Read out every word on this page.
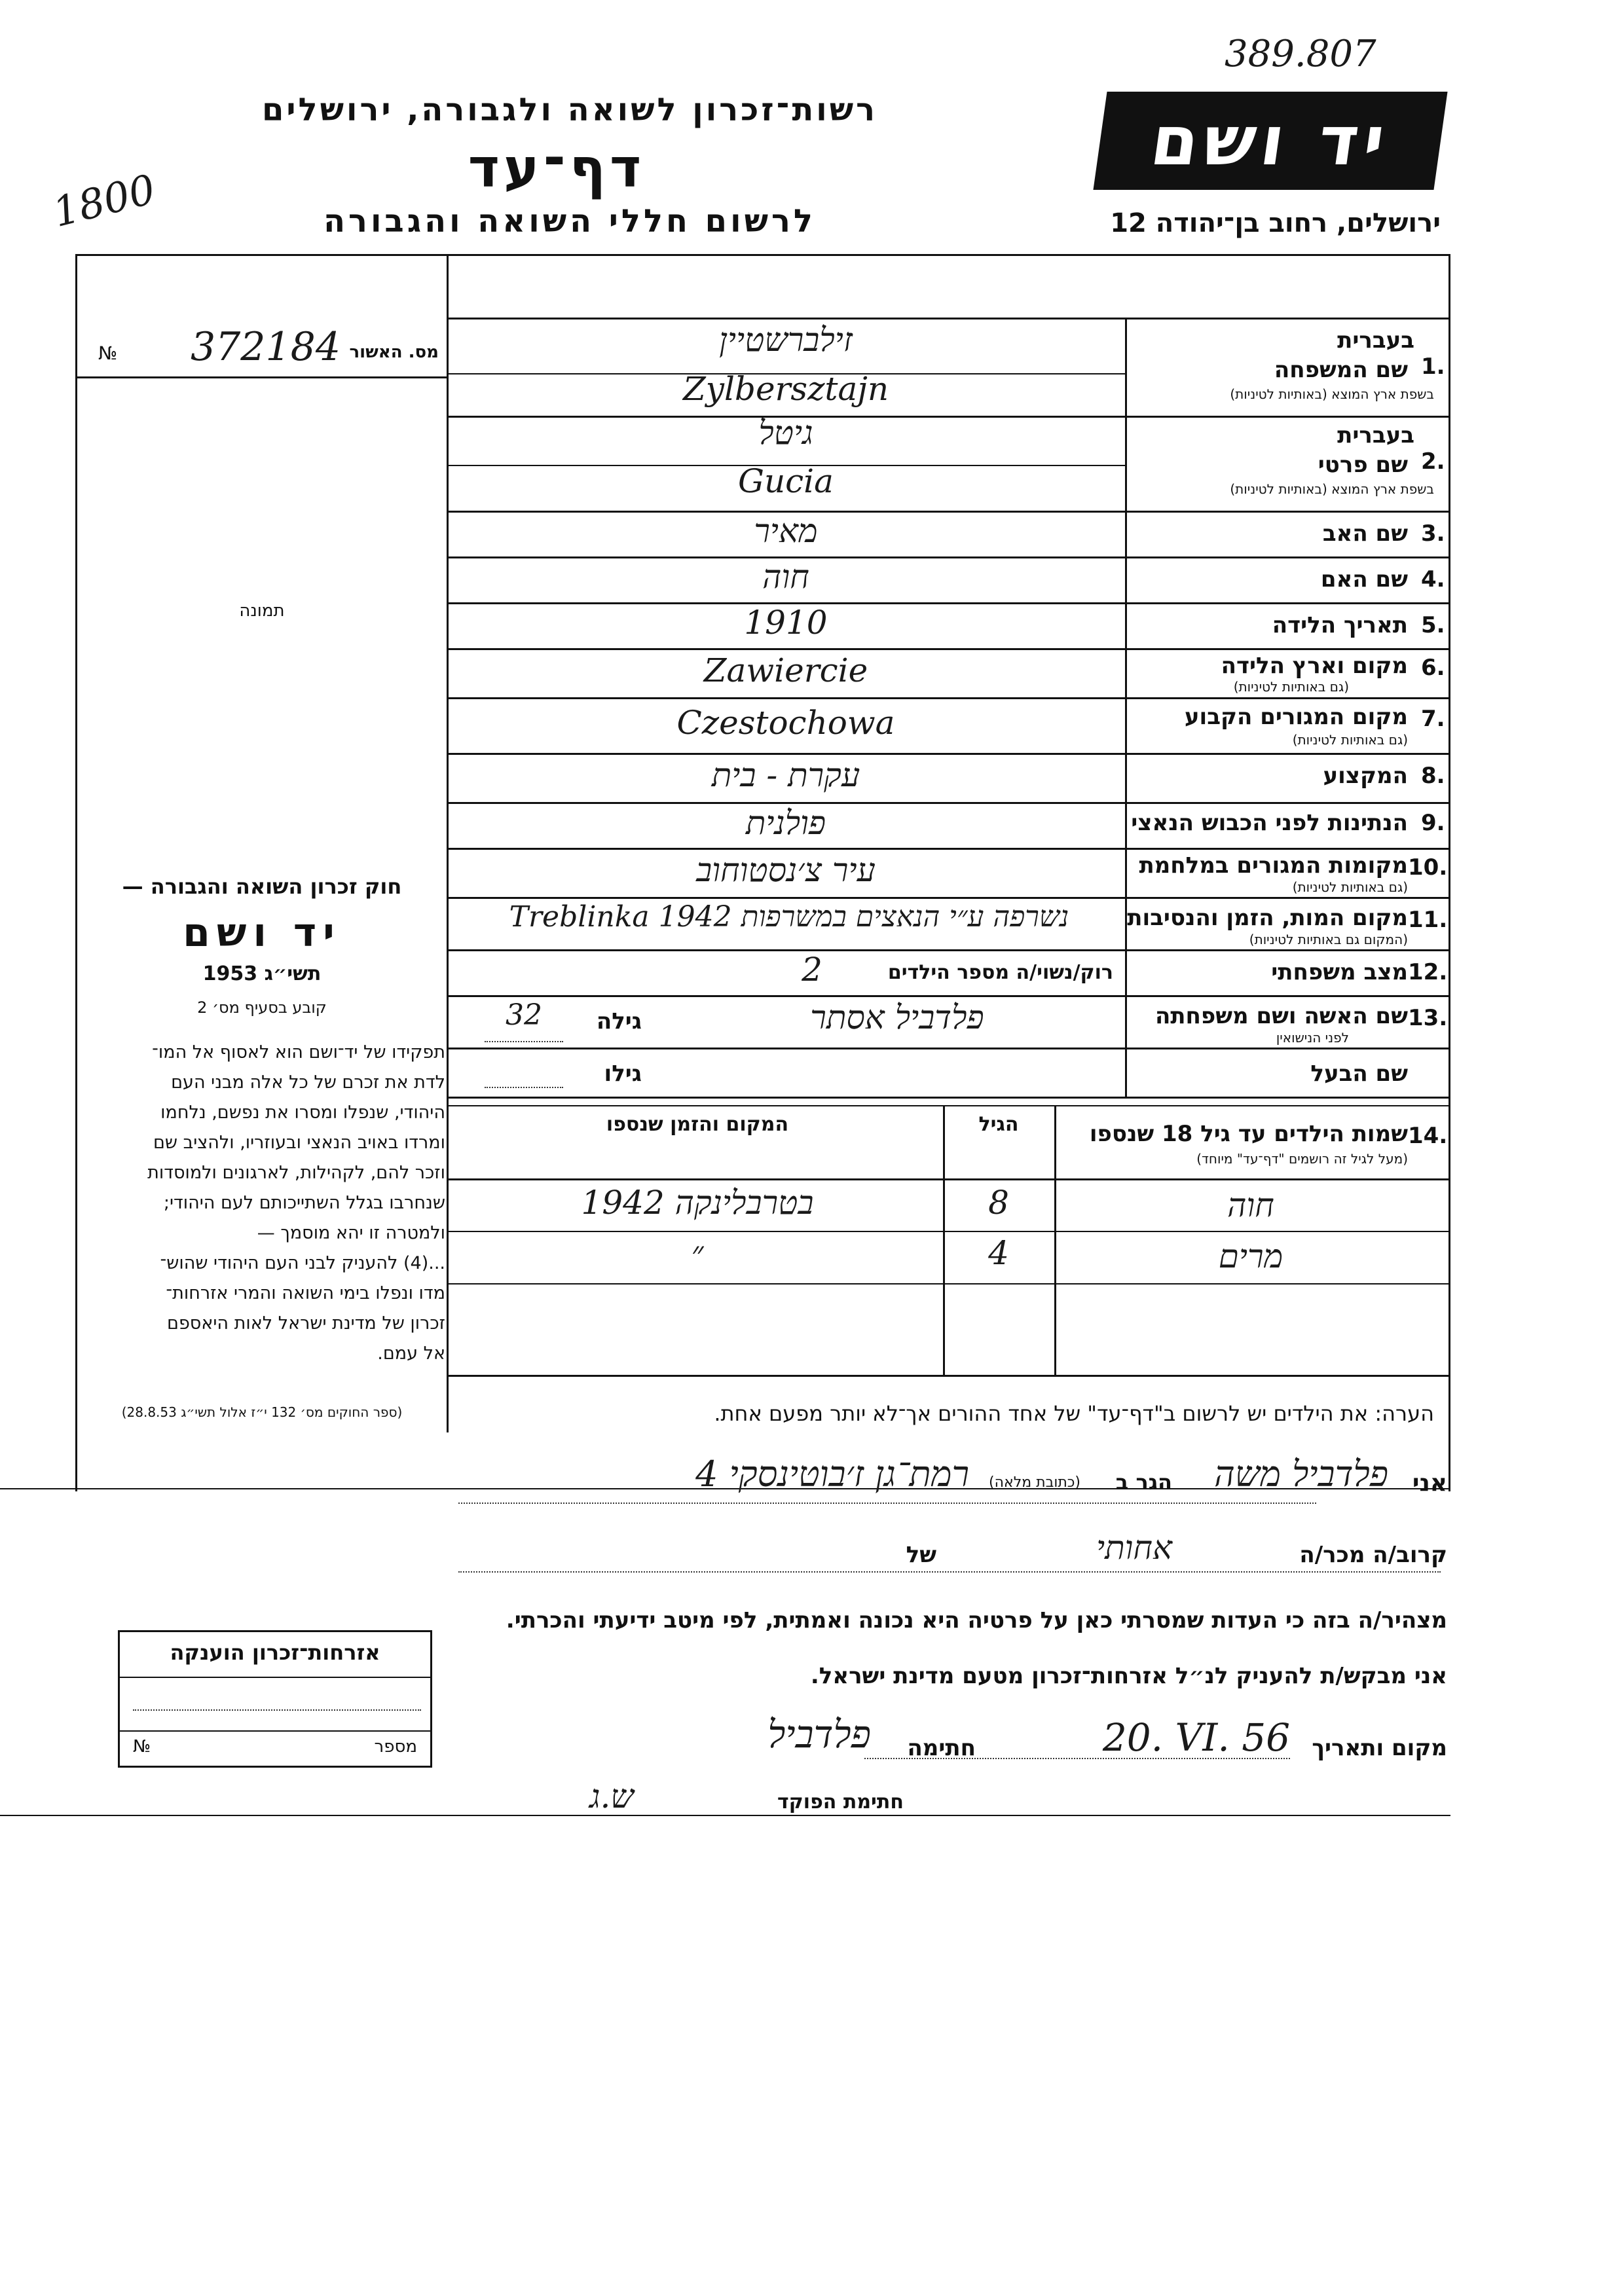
389.807
1800
רשות־זכרון לשואה ולגבורה, ירושלים
דף־עד
לרשום חללי השואה והגבורה
יד ושם
ירושלים, רחוב בן־יהודה 12
מס. האשור
372184
№
תמונה
1.
בעברית
שם המשפחה
בשפת ארץ המוצא (באותיות לטיניות)
זילברשטיין
Zylbersztajn
2.
בעברית
שם פרטי
בשפת ארץ המוצא (באותיות לטיניות)
גיטל
Gucia
3.
שם האב
מאיר
4.
שם האם
חוה
5.
תאריך הלידה
1910
6.
מקום וארץ הלידה
(גם באותיות לטיניות)
Zawiercie
7.
מקום המגורים הקבוע
(גם באותיות לטיניות)
Czestochowa
8.
המקצוע
עקרת - בית
9.
הנתינות לפני הכבוש הנאצי
פולנית
10.
מקומות המגורים במלחמת
(גם באותיות לטיניות)
עיר צ׳נסטוחוב
11.
מקום המות, הזמן והנסיבות
(המקום גם באותיות לטיניות)
נשרפה ע״י הנאצים במשרפות Treblinka 1942
12.
מצב משפחתי
רוק/נשוי/ה מספר הילדים
2
13.
שם האשה ושם משפחתה
לפני הנישואין
פלדביל אסתר
גילה
32
שם הבעל
גילו
14.
שמות הילדים עד גיל 18 שנספו
(מעל לגיל זה רושמים "דף־עד" מיוחד)
הגיל
המקום והזמן שנספו
חוה
8
בטרבלינקה 1942
מרים
4
״
חוק זכרון השואה והגבורה —
יד ושם
תשי״ג 1953
קובע בסעיף מס׳ 2
תפקידו של יד־ושם הוא לאסוף אל המו־
לדת את זכרם של כל אלה מבני העם
היהודי, שנפלו ומסרו את נפשם, נלחמו
ומרדו באויב הנאצי ובעוזריו, ולהציב שם
וזכר להם, לקהילות, לארגונים ולמוסדות
שנחרבו בגלל השתייכותם לעם היהודי;
ולמטרה זו יהא מוסמך —
...(4) להעניק לבני העם היהודי שהוש־
מדו ונפלו בימי השואה והמרי אזרחות־
זכרון של מדינת ישראל לאות היאספם
אל עמם.
(ספר החוקים מס׳ 132 י״ז אלול תשי״ג 28.8.53)	הערה: את הילדים יש לרשום ב"דף־עד" של אחד ההורים אך־לא יותר מפעם אחת.
אני
פלדביל משה
הגר ב
(כתובת מלאה)
רמת־גן ז׳בוטינסקי 4
קרוב/ה מכר/ה
אחותי
של
מצהיר/ה בזה כי העדות שמסרתי כאן על פרטיה היא נכונה ואמתית, לפי מיטב ידיעתי והכרתי.
אני מבקש/ת להעניק לנ״ל אזרחות־זכרון מטעם מדינת ישראל.
מקום ותאריך
20. VI. 56
חתימה
פלדביל
חתימת הפוקד
ש.ג
אזרחות־זכרון הוענקה
מספר
№
